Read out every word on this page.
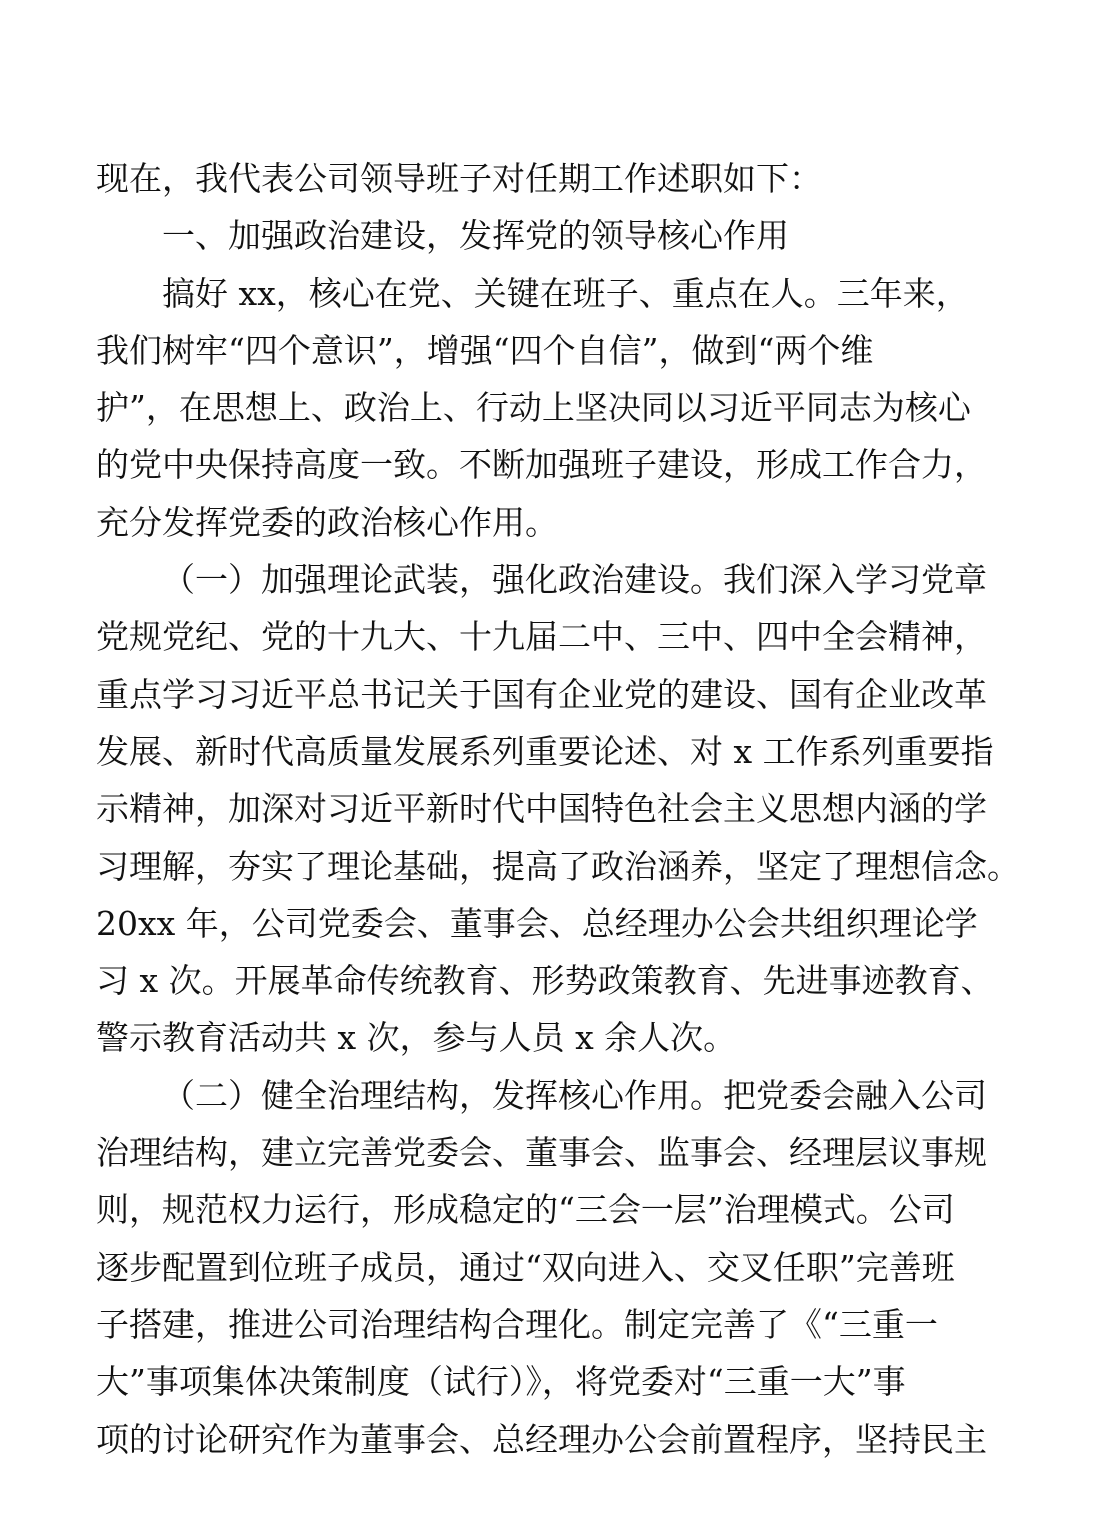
现在，我代表公司领导班子对任期工作述职如下：
一、加强政治建设，发挥党的领导核心作用
搞好 xx，核心在党、关键在班子、重点在人。三年来，
我们树牢“四个意识”，增强“四个自信”，做到“两个维
护”，在思想上、政治上、行动上坚决同以习近平同志为核心
的党中央保持高度一致。不断加强班子建设，形成工作合力，
充分发挥党委的政治核心作用。
（一）加强理论武装，强化政治建设。我们深入学习党章
党规党纪、党的十九大、十九届二中、三中、四中全会精神，
重点学习习近平总书记关于国有企业党的建设、国有企业改革
发展、新时代高质量发展系列重要论述、对 x 工作系列重要指
示精神，加深对习近平新时代中国特色社会主义思想内涵的学
习理解，夯实了理论基础，提高了政治涵养，坚定了理想信念。
20xx 年，公司党委会、董事会、总经理办公会共组织理论学
习 x 次。开展革命传统教育、形势政策教育、先进事迹教育、
警示教育活动共 x 次，参与人员 x 余人次。
（二）健全治理结构，发挥核心作用。把党委会融入公司
治理结构，建立完善党委会、董事会、监事会、经理层议事规
则，规范权力运行，形成稳定的“三会一层”治理模式。公司
逐步配置到位班子成员，通过“双向进入、交叉任职”完善班
子搭建，推进公司治理结构合理化。制定完善了《“三重一
大”事项集体决策制度（试行）》，将党委对“三重一大”事
项的讨论研究作为董事会、总经理办公会前置程序，坚持民主
